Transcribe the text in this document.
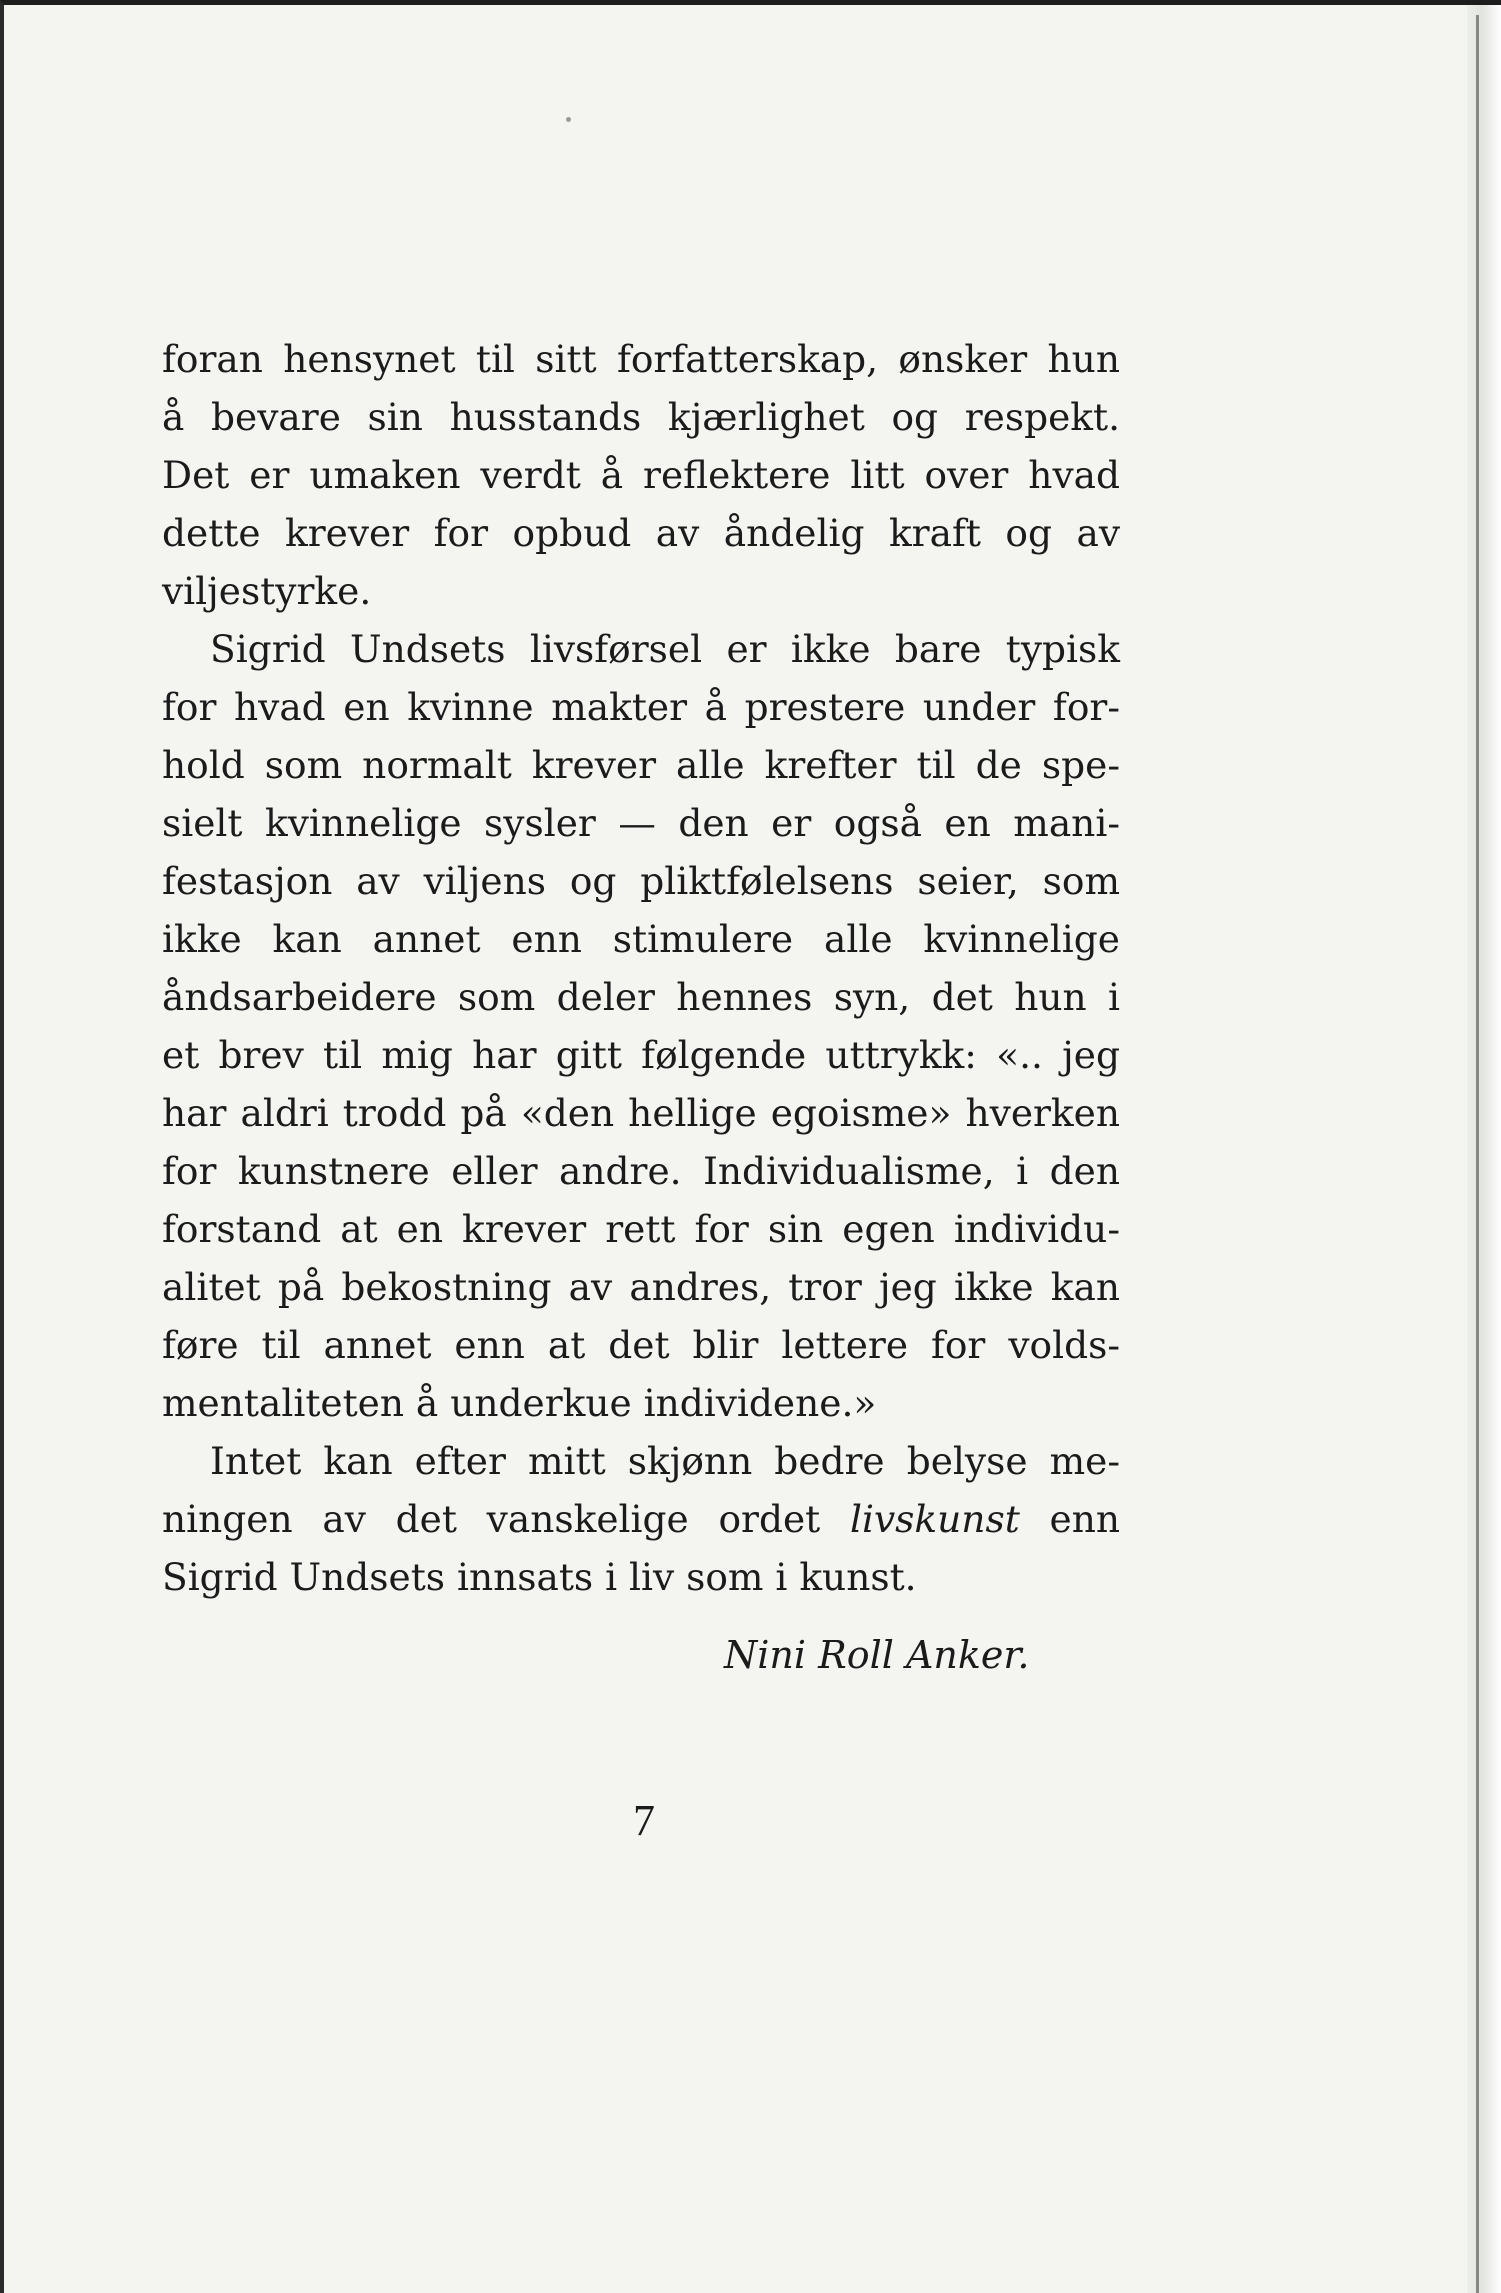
foran hensynet til sitt forfatterskap, ønsker hun
å bevare sin husstands kjærlighet og respekt.
Det er umaken verdt å reflektere litt over hvad
dette krever for opbud av åndelig kraft og av
viljestyrke.
Sigrid Undsets livsførsel er ikke bare typisk
for hvad en kvinne makter å prestere under for-
hold som normalt krever alle krefter til de spe-
sielt kvinnelige sysler — den er også en mani-
festasjon av viljens og pliktfølelsens seier, som
ikke kan annet enn stimulere alle kvinnelige
åndsarbeidere som deler hennes syn, det hun i
et brev til mig har gitt følgende uttrykk: «.. jeg
har aldri trodd på «den hellige egoisme» hverken
for kunstnere eller andre. Individualisme, i den
forstand at en krever rett for sin egen individu-
alitet på bekostning av andres, tror jeg ikke kan
føre til annet enn at det blir lettere for volds-
mentaliteten å underkue individene.»
Intet kan efter mitt skjønn bedre belyse me-
ningen av det vanskelige ordet livskunst enn
Sigrid Undsets innsats i liv som i kunst.
Nini Roll Anker.
7
